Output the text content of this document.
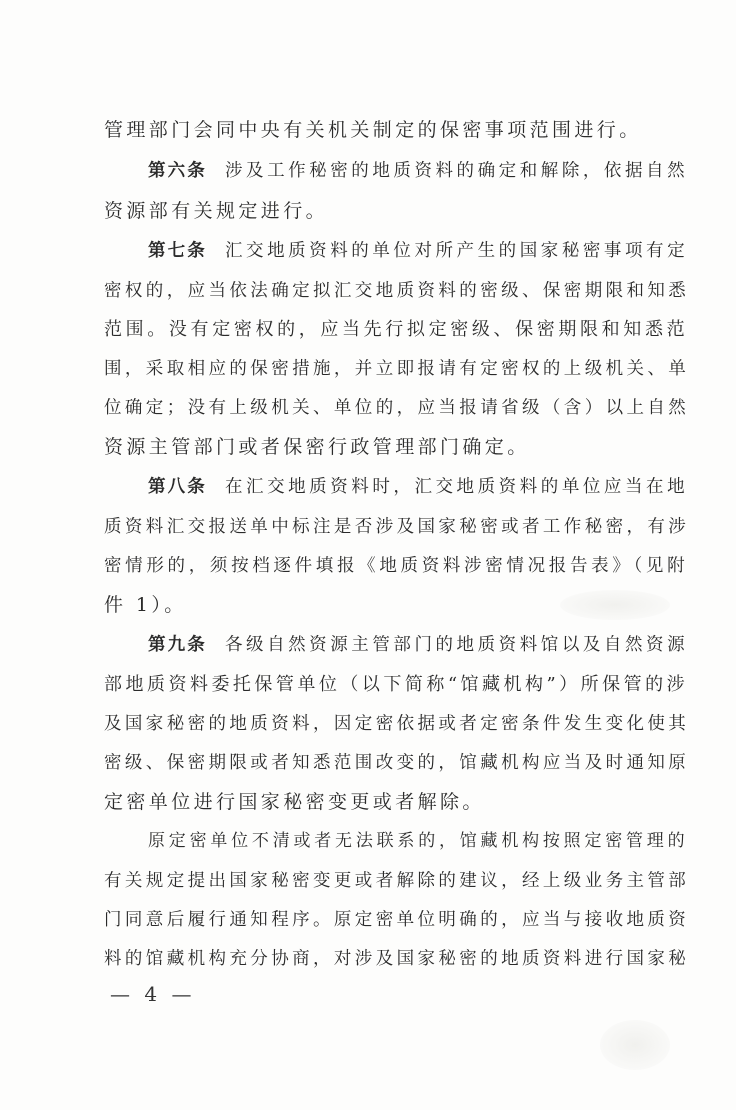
管理部门会同中央有关机关制定的保密事项范围进行。
第六条 涉及工作秘密的地质资料的确定和解除，依据自然
资源部有关规定进行。
第七条 汇交地质资料的单位对所产生的国家秘密事项有定
密权的，应当依法确定拟汇交地质资料的密级、保密期限和知悉
范围。没有定密权的，应当先行拟定密级、保密期限和知悉范
围，采取相应的保密措施，并立即报请有定密权的上级机关、单
位确定；没有上级机关、单位的，应当报请省级（含）以上自然
资源主管部门或者保密行政管理部门确定。
第八条 在汇交地质资料时，汇交地质资料的单位应当在地
质资料汇交报送单中标注是否涉及国家秘密或者工作秘密，有涉
密情形的，须按档逐件填报《地质资料涉密情况报告表》（见附
件 1）。
第九条 各级自然资源主管部门的地质资料馆以及自然资源
部地质资料委托保管单位（以下简称“馆藏机构”）所保管的涉
及国家秘密的地质资料，因定密依据或者定密条件发生变化使其
密级、保密期限或者知悉范围改变的，馆藏机构应当及时通知原
定密单位进行国家秘密变更或者解除。
原定密单位不清或者无法联系的，馆藏机构按照定密管理的
有关规定提出国家秘密变更或者解除的建议，经上级业务主管部
门同意后履行通知程序。原定密单位明确的，应当与接收地质资
料的馆藏机构充分协商，对涉及国家秘密的地质资料进行国家秘
— 4 —
